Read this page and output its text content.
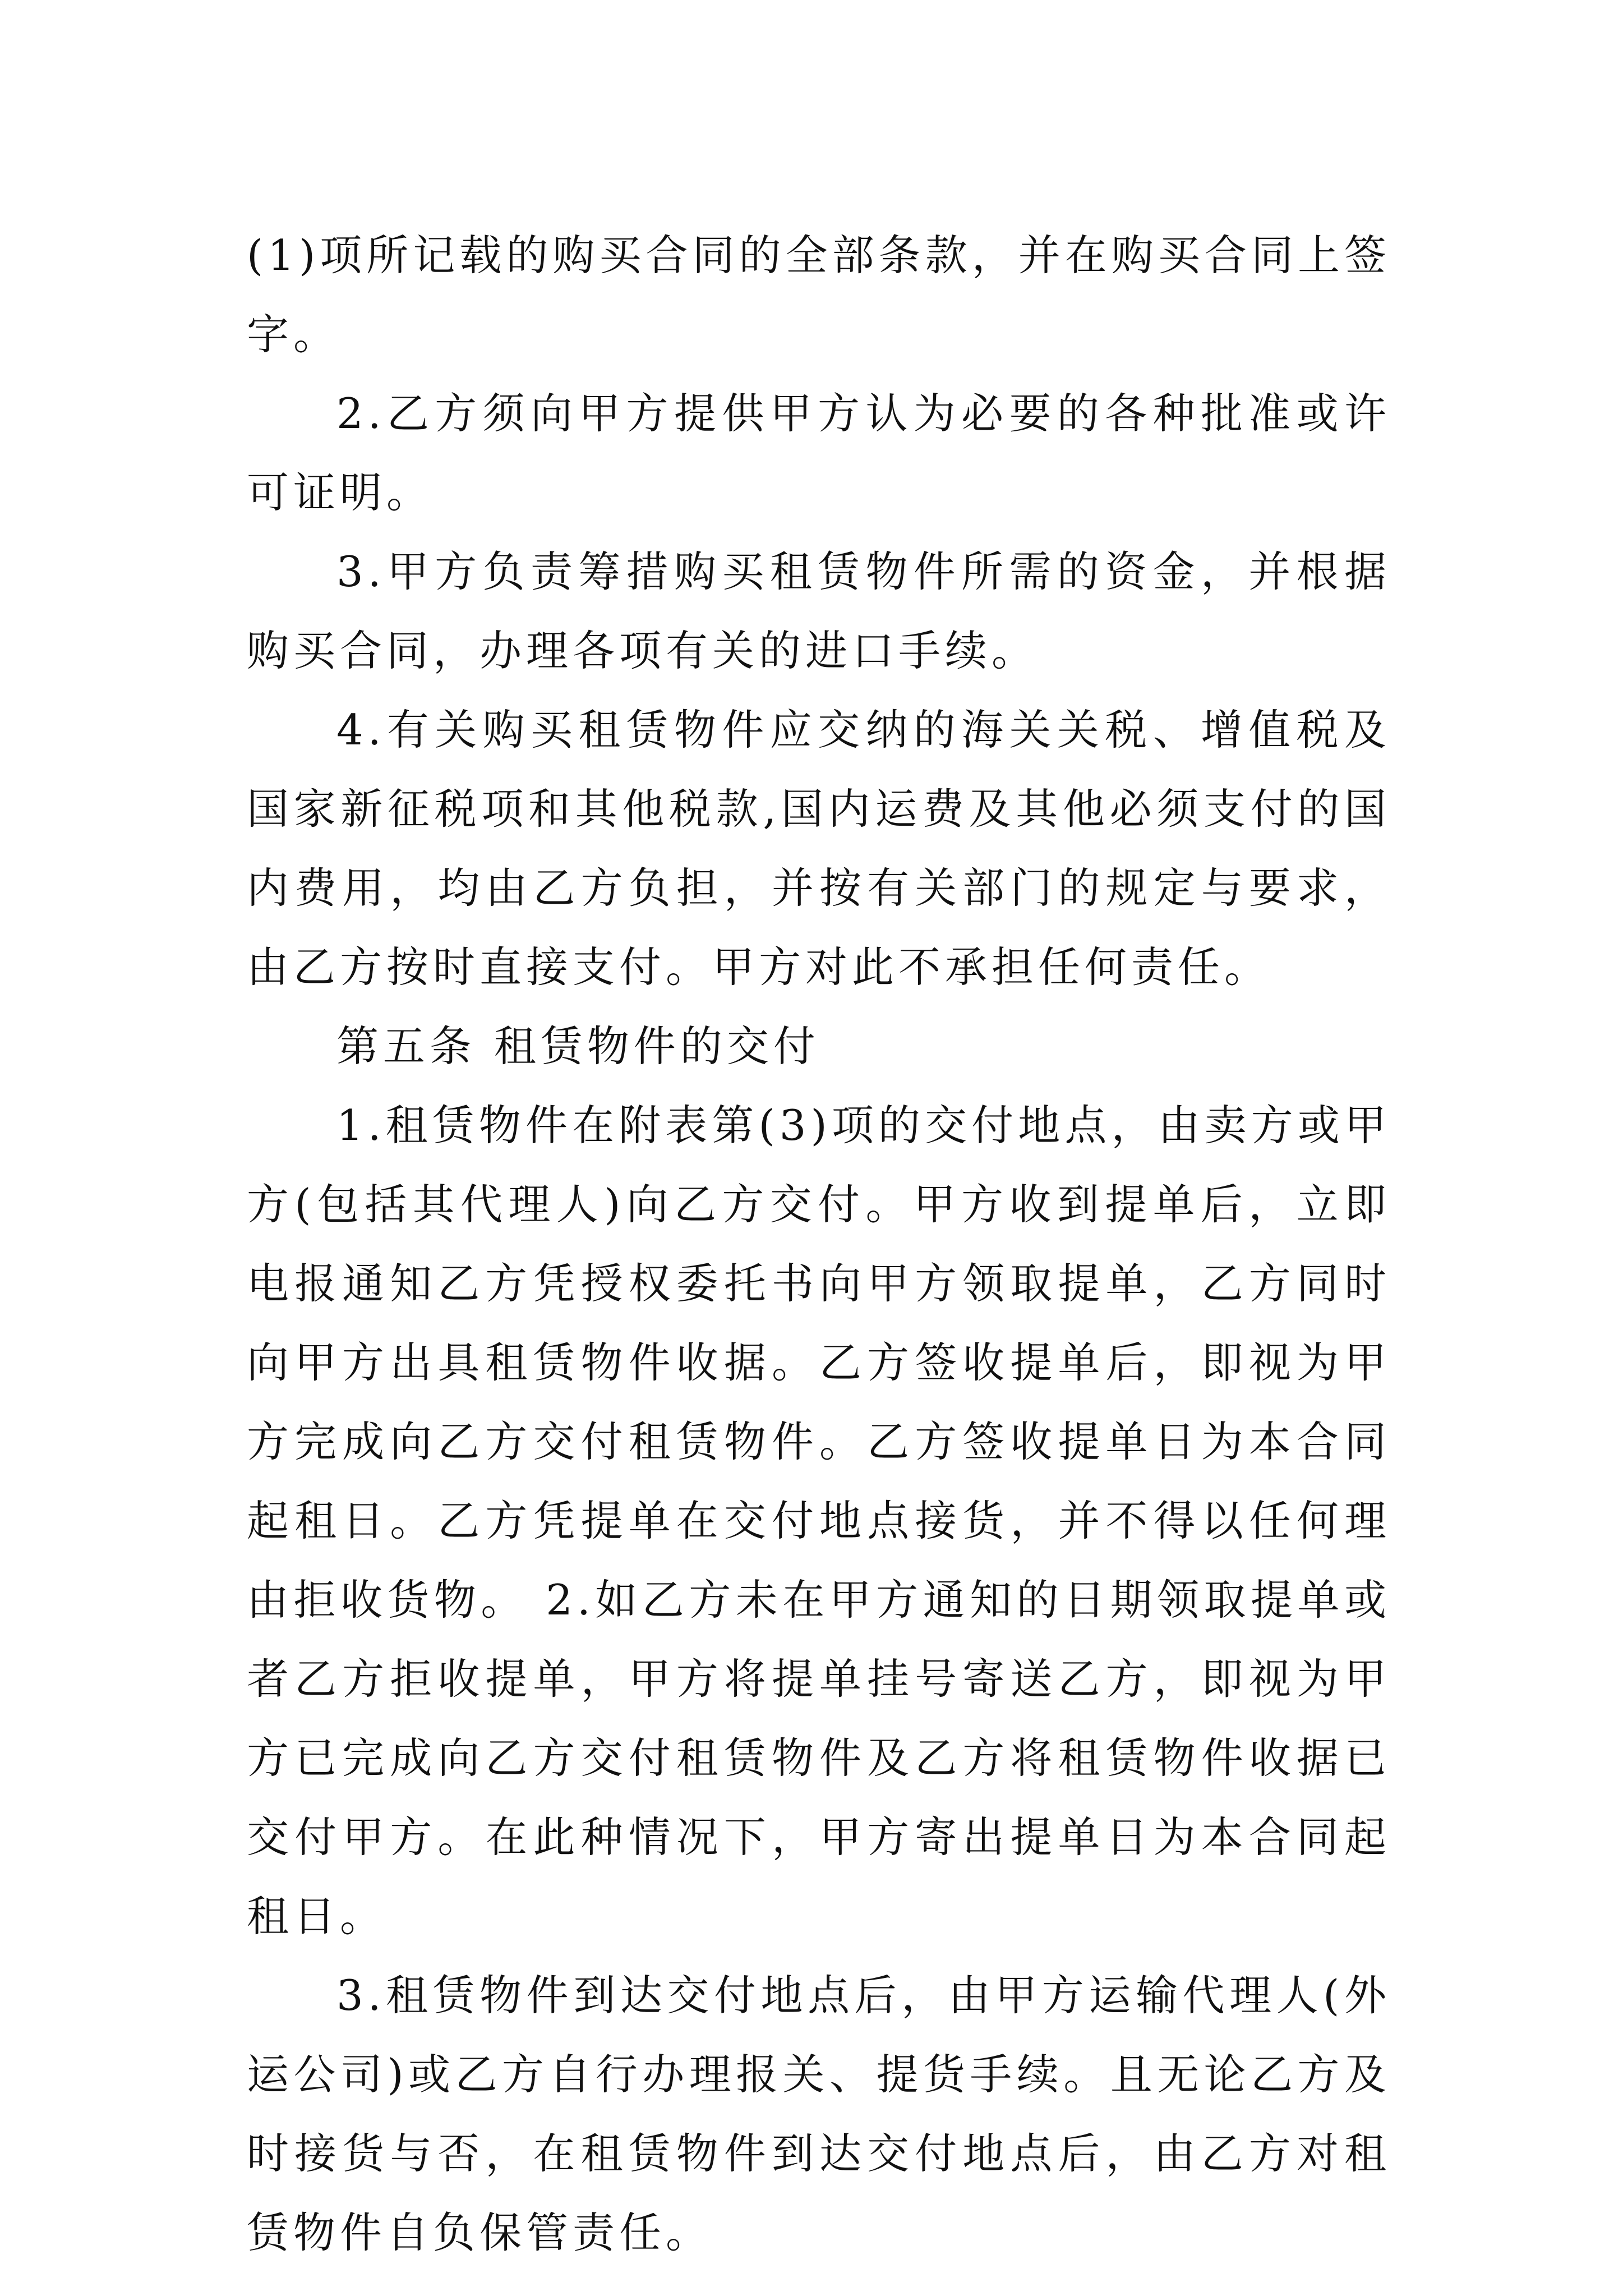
(1)项所记载的购买合同的全部条款，并在购买合同上签字。

2.乙方须向甲方提供甲方认为必要的各种批准或许可证明。

3.甲方负责筹措购买租赁物件所需的资金，并根据购买合同，办理各项有关的进口手续。

4.有关购买租赁物件应交纳的海关关税、增值税及国家新征税项和其他税款,国内运费及其他必须支付的国内费用，均由乙方负担，并按有关部门的规定与要求，由乙方按时直接支付。甲方对此不承担任何责任。

第五条 租赁物件的交付

1.租赁物件在附表第(3)项的交付地点，由卖方或甲方(包括其代理人)向乙方交付。甲方收到提单后，立即电报通知乙方凭授权委托书向甲方领取提单，乙方同时向甲方出具租赁物件收据。乙方签收提单后，即视为甲方完成向乙方交付租赁物件。乙方签收提单日为本合同起租日。乙方凭提单在交付地点接货，并不得以任何理由拒收货物。 2.如乙方未在甲方通知的日期领取提单或者乙方拒收提单，甲方将提单挂号寄送乙方，即视为甲方已完成向乙方交付租赁物件及乙方将租赁物件收据已交付甲方。在此种情况下，甲方寄出提单日为本合同起租日。

3.租赁物件到达交付地点后，由甲方运输代理人(外运公司)或乙方自行办理报关、提货手续。且无论乙方及时接货与否，在租赁物件到达交付地点后，由乙方对租赁物件自负保管责任。
